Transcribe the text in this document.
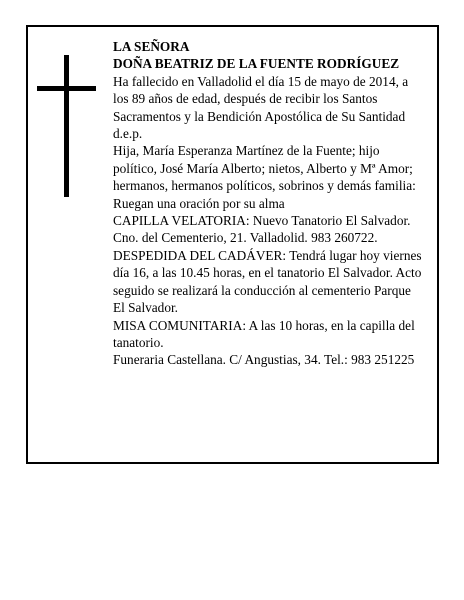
LA SEÑORA

DOÑA BEATRIZ DE LA FUENTE RODRÍGUEZ

Ha fallecido en Valladolid el día 15 de mayo de 2014, a los 89 años de edad, después de recibir los Santos Sacramentos y la Bendición Apostólica de Su Santidad d.e.p.

Hija, María Esperanza Martínez de la Fuente; hijo político, José María Alberto; nietos, Alberto y Mª Amor; hermanos, hermanos políticos, sobrinos y demás familia:

Ruegan una oración por su alma

CAPILLA VELATORIA: Nuevo Tanatorio El Salvador. Cno. del Cementerio, 21. Valladolid. 983 260722.

DESPEDIDA DEL CADÁVER: Tendrá lugar hoy viernes día 16, a las 10.45 horas, en el tanatorio El Salvador. Acto seguido se realizará la conducción al cementerio Parque El Salvador.

MISA COMUNITARIA: A las 10 horas, en la capilla del tanatorio.

Funeraria Castellana. C/ Angustias, 34. Tel.: 983 251225
